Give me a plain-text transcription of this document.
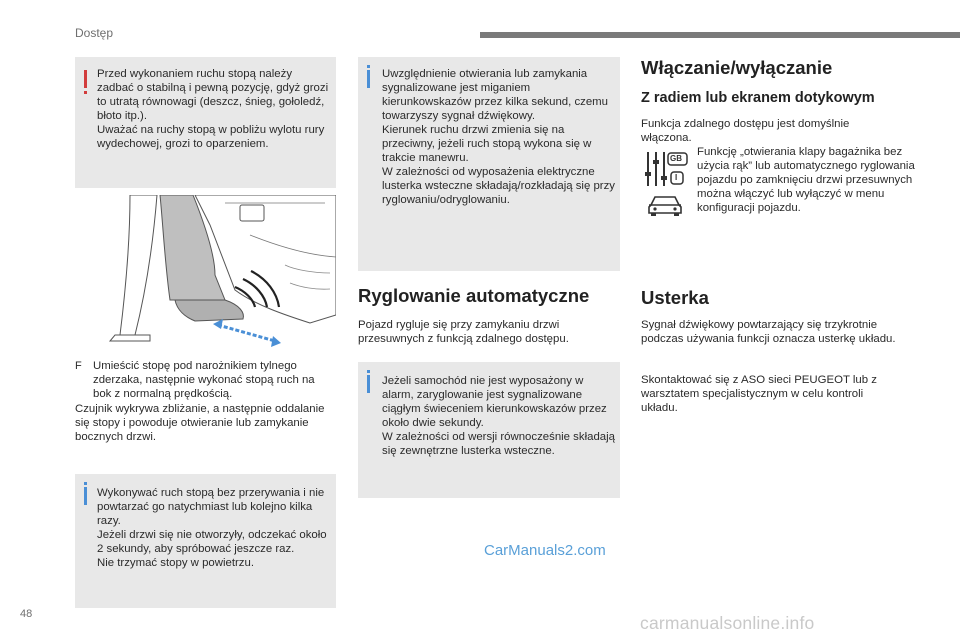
Dostęp

Przed wykonaniem ruchu stopą należy zadbać o stabilną i pewną pozycję, gdyż grozi to utratą równowagi (deszcz, śnieg, gołoledź, błoto itp.).
Uważać na ruchy stopą w pobliżu wylotu rury wydechowej, grozi to oparzeniem.

F Umieścić stopę pod narożnikiem tylnego zderzaka, następnie wykonać stopą ruch na bok z normalną prędkością.

Czujnik wykrywa zbliżanie, a następnie oddalanie się stopy i powoduje otwieranie lub zamykanie bocznych drzwi.

Wykonywać ruch stopą bez przerywania i nie powtarzać go natychmiast lub kolejno kilka razy.
Jeżeli drzwi się nie otworzyły, odczekać około 2 sekundy, aby spróbować jeszcze raz.
Nie trzymać stopy w powietrzu.

Uwzględnienie otwierania lub zamykania sygnalizowane jest miganiem kierunkowskazów przez kilka sekund, czemu towarzyszy sygnał dźwiękowy.
Kierunek ruchu drzwi zmienia się na przeciwny, jeżeli ruch stopą wykona się w trakcie manewru.
W zależności od wyposażenia elektryczne lusterka wsteczne składają/rozkładają się przy ryglowaniu/odryglowaniu.

Ryglowanie automatyczne

Pojazd rygluje się przy zamykaniu drzwi przesuwnych z funkcją zdalnego dostępu.

Jeżeli samochód nie jest wyposażony w alarm, zaryglowanie jest sygnalizowane ciągłym świeceniem kierunkowskazów przez około dwie sekundy.
W zależności od wersji równocześnie składają się zewnętrzne lusterka wsteczne.

Włączanie/wyłączanie
Z radiem lub ekranem dotykowym

Funkcja zdalnego dostępu jest domyślnie włączona.

GB
I

Funkcję „otwierania klapy bagażnika bez użycia rąk” lub automatycznego ryglowania pojazdu po zamknięciu drzwi przesuwnych można włączyć lub wyłączyć w menu konfiguracji pojazdu.

Usterka

Sygnał dźwiękowy powtarzający się trzykrotnie podczas używania funkcji oznacza usterkę układu.

Skontaktować się z ASO sieci PEUGEOT lub z warsztatem specjalistycznym w celu kontroli układu.

CarManuals2.com
48	carmanualsonline.info
